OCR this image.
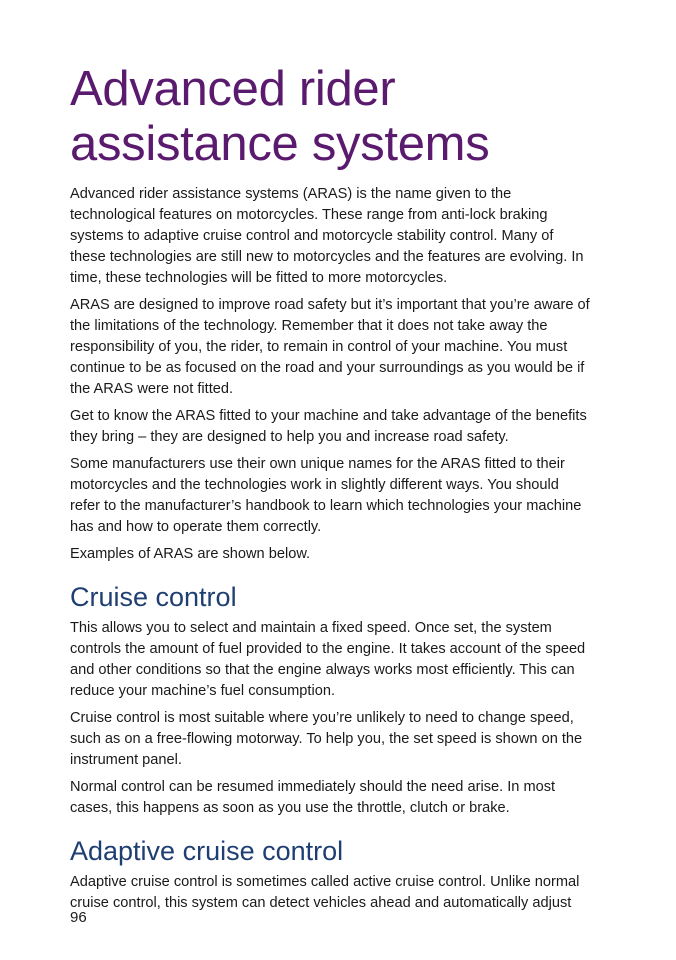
Advanced rider
assistance systems

Advanced rider assistance systems (ARAS) is the name given to the technological features on motorcycles. These range from anti-lock braking systems to adaptive cruise control and motorcycle stability control. Many of these technologies are still new to motorcycles and the features are evolving. In time, these technologies will be fitted to more motorcycles.

ARAS are designed to improve road safety but it’s important that you’re aware of the limitations of the technology. Remember that it does not take away the responsibility of you, the rider, to remain in control of your machine. You must continue to be as focused on the road and your surroundings as you would be if the ARAS were not fitted.

Get to know the ARAS fitted to your machine and take advantage of the benefits they bring – they are designed to help you and increase road safety.

Some manufacturers use their own unique names for the ARAS fitted to their motorcycles and the technologies work in slightly different ways. You should refer to the manufacturer’s handbook to learn which technologies your machine has and how to operate them correctly.

Examples of ARAS are shown below.

Cruise control

This allows you to select and maintain a fixed speed. Once set, the system controls the amount of fuel provided to the engine. It takes account of the speed and other conditions so that the engine always works most efficiently. This can reduce your machine’s fuel consumption.

Cruise control is most suitable where you’re unlikely to need to change speed, such as on a free-flowing motorway. To help you, the set speed is shown on the instrument panel.

Normal control can be resumed immediately should the need arise. In most cases, this happens as soon as you use the throttle, clutch or brake.

Adaptive cruise control

Adaptive cruise control is sometimes called active cruise control. Unlike normal cruise control, this system can detect vehicles ahead and automatically adjust

96
